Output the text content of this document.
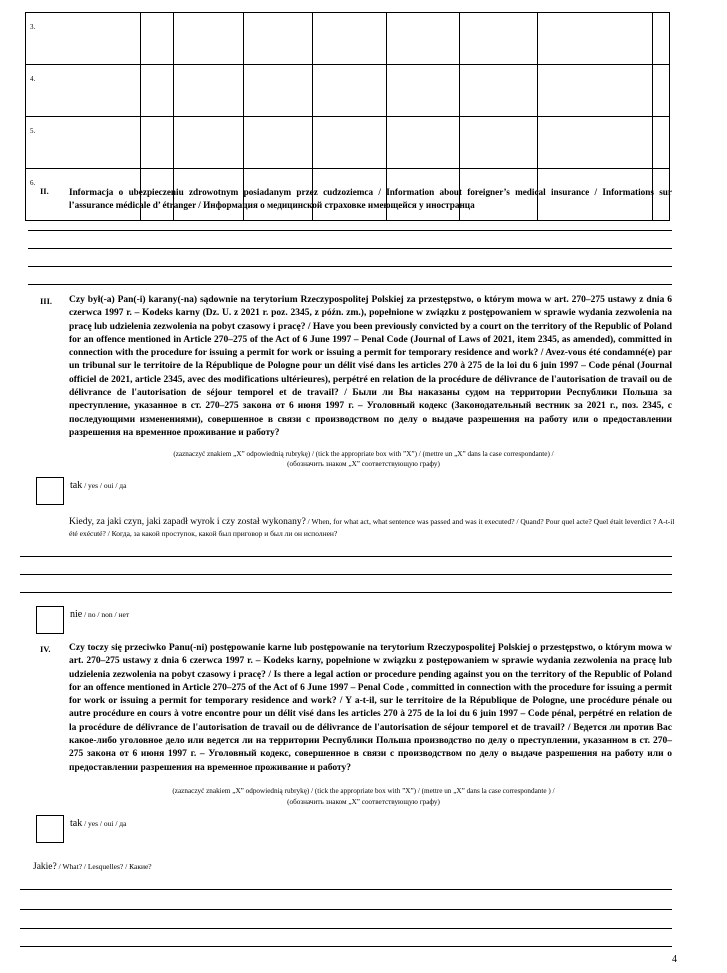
3.								
4.								
5.								
6.								
II. Informacja o ubezpieczeniu zdrowotnym posiadanym przez cudzoziemca / Information about foreigner’s medical insurance / Informations sur l’assurance médicale d’ étranger / Информация о медицинской страховке имеющейся у иностранца
III. Czy był(-a) Pan(-i) karany(-na) sądownie na terytorium Rzeczypospolitej Polskiej za przestępstwo, o którym mowa w art. 270–275 ustawy z dnia 6 czerwca 1997 r. – Kodeks karny (Dz. U. z 2021 r. poz. 2345, z późn. zm.), popełnione w związku z postępowaniem w sprawie wydania zezwolenia na pracę lub udzielenia zezwolenia na pobyt czasowy i pracę? / Have you been previously convicted by a court on the territory of the Republic of Poland for an offence mentioned in Article 270–275 of the Act of 6 June 1997 – Penal Code (Journal of Laws of 2021, item 2345, as amended), committed in connection with the procedure for issuing a permit for work or issuing a permit for temporary residence and work? / Avez-vous été condamné(e) par un tribunal sur le territoire de la République de Pologne pour un délit visé dans les articles 270 à 275 de la loi du 6 juin 1997 – Code pénal (Journal officiel de 2021, article 2345, avec des modifications ultérieures), perpétré en relation de la procédure de délivrance de l'autorisation de travail ou de délivrance de l'autorisation de séjour temporel et de travail? / Были ли Вы наказаны судом на территории Республики Польша за преступление, указанное в ст. 270–275 закона от 6 июня 1997 г. – Уголовный кодекс (Законодательный вестник за 2021 г., поз. 2345, с последующими изменениями), совершенное в связи с производством по делу о выдаче разрешения на работу или о предоставлении разрешения на временное проживание и работу?
(zaznaczyć znakiem „X” odpowiednią rubrykę) / (tick the appropriate box with ”X”) / (mettre un „X” dans la case correspondante) /
(обозначить знаком „X” соответствующую графу)
tak / yes / oui / да
Kiedy, za jaki czyn, jaki zapadł wyrok i czy został wykonany? / When, for what act, what sentence was passed and was it executed? / Quand? Pour quel acte? Quel était leverdict ? A-t-il été exécuté? / Когда, за какой проступок, какой был приговор и был ли он исполнен?
nie / no / non / нет
IV. Czy toczy się przeciwko Panu(-ni) postępowanie karne lub postępowanie na terytorium Rzeczypospolitej Polskiej o przestępstwo, o którym mowa w art. 270–275 ustawy z dnia 6 czerwca 1997 r. – Kodeks karny, popełnione w związku z postępowaniem w sprawie wydania zezwolenia na pracę lub udzielenia zezwolenia na pobyt czasowy i pracę? / Is there a legal action or procedure pending against you on the territory of the Republic of Poland for an offence mentioned in Article 270–275 of the Act of 6 June 1997 – Penal Code , committed in connection with the procedure for issuing a permit for work or issuing a permit for temporary residence and work? / Y a-t-il, sur le territoire de la République de Pologne, une procédure pénale ou autre procédure en cours à votre encontre pour un délit visé dans les articles 270 à 275 de la loi du 6 juin 1997 – Code pénal, perpétré en relation de la procédure de délivrance de l'autorisation de travail ou de délivrance de l'autorisation de séjour temporel et de travail? / Ведется ли против Вас какое-либо уголовное дело или ведется ли на территории Республики Польша производство по делу о преступлении, указанном в ст. 270–275 закона от 6 июня 1997 г. – Уголовный кодекс, совершенное в связи с производством по делу о выдаче разрешения на работу или о предоставлении разрешения на временное проживание и работу?
(zaznaczyć znakiem „X” odpowiednią rubrykę) / (tick the appropriate box with ”X”) / (mettre un „X” dans la case correspondante ) /
(обозначить знаком „X” соответствующую графу)
tak / yes / oui / да
Jakie? / What? / Lesquelles? / Какие?
4
